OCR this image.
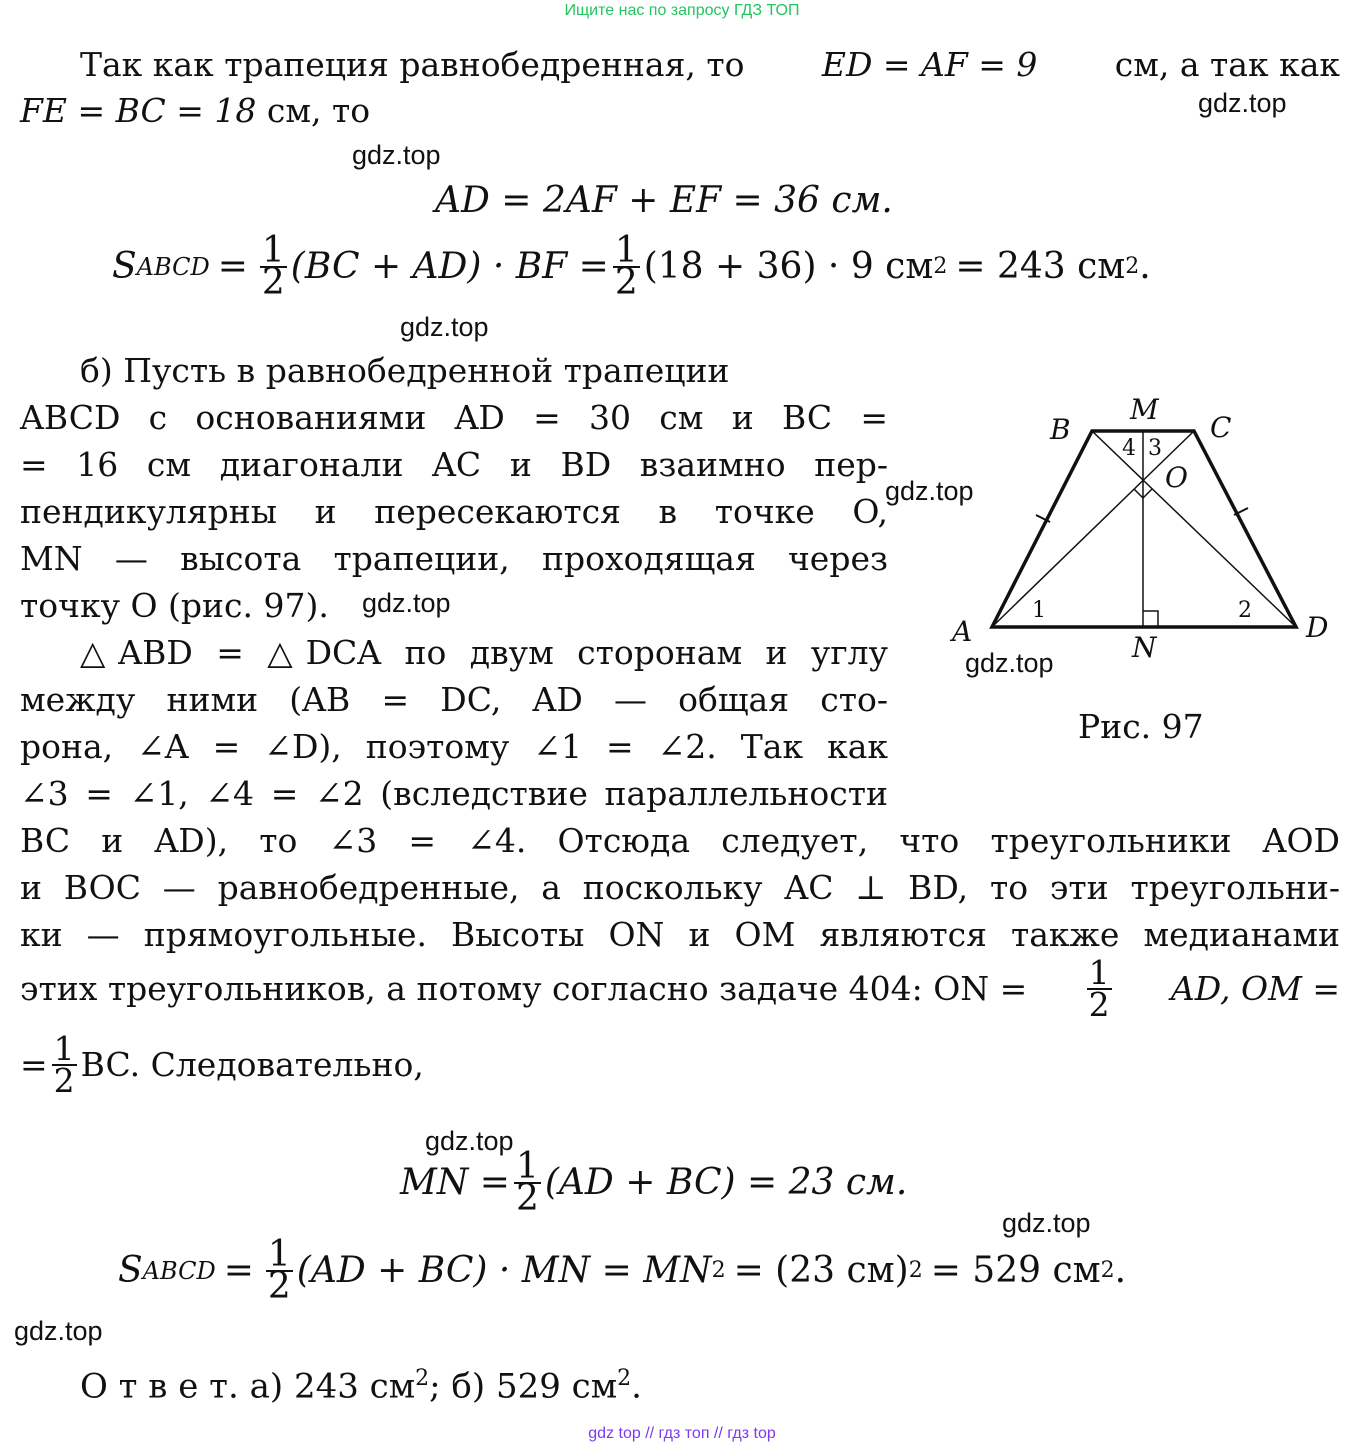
Ищите нас по запросу ГДЗ ТОП
Так как трапеция равнобедренная, то ED = AF = 9 см, а так как
FE = BC = 18 см, то	gdz.top
gdz.top
AD = 2AF + EF = 36 см.
S ABCD = $\frac{1}{2} (BC + AD)$ · BF = $\frac{1}{2} (18 + 36) \cdot 9$ см 2 = 243 см 2 .
gdz.top
б) Пусть в равнобедренной трапеции
ABCD с основаниями AD = 30 см и BC =
= 16 см диагонали AC и BD взаимно пер-
пендикулярны и пересекаются в точке O,
MN — высота трапеции, проходящая через
точку O (рис. 97).
△ABD = △DCA по двум сторонам и углу
между ними (AB = DC, AD — общая сто-
рона, ∠A = ∠D), поэтому ∠1 = ∠2. Так как
∠3 = ∠1, ∠4 = ∠2 (вследствие параллельности
gdz.top
gdz.top
A
B	C
D
M
N
O
1	2
3
4
gdz.top
Рис. 97
BC и AD), то ∠3 = ∠4. Отсюда следует, что треугольники AOD
и BOC — равнобедренные, а поскольку AC ⊥ BD, то эти треугольни-
ки — прямоугольные. Высоты ON и OM являются также медианами
этих треугольников, а потому согласно задаче 404: ON = $\frac{1}{2}$ AD, OM =
= $\frac{1}{2}$ BC. Следовательно,
gdz.top
MN = $\frac{1}{2} (AD + BC) = 23$ см.
gdz.top
S ABCD = $\frac{1}{2} (AD + BC)$ · MN = MN 2 = (23 см) 2 = 529 см 2 .
gdz.top
О т в е т. а) 243 $см^2$; б) 529 $см^2$.
gdz top // гдз топ // гдз top
